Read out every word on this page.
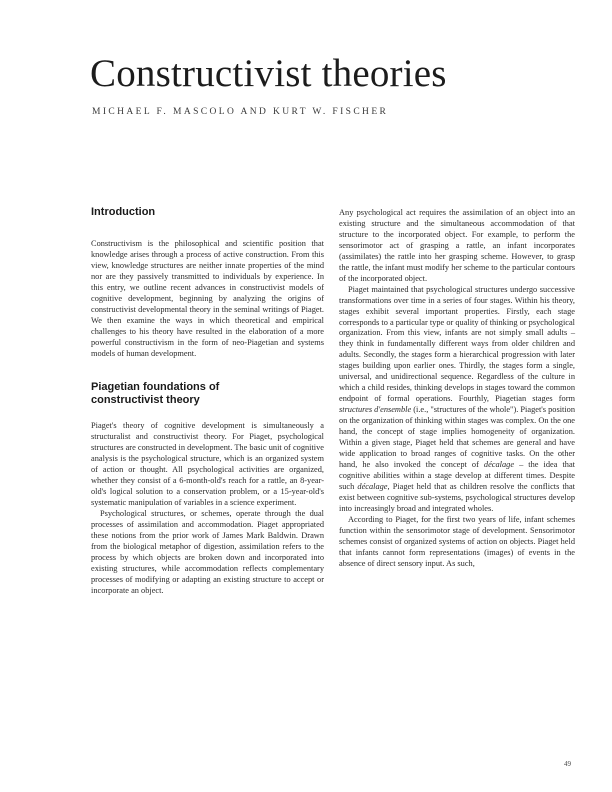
Constructivist theories
MICHAEL F. MASCOLO AND KURT W. FISCHER
Introduction

Constructivism is the philosophical and scientific position that knowledge arises through a process of active construction. From this view, knowledge structures are neither innate properties of the mind nor are they passively transmitted to individuals by experience. In this entry, we outline recent advances in constructivist models of cognitive development, beginning by analyzing the origins of constructivist developmental theory in the seminal writings of Piaget. We then examine the ways in which theoretical and empirical challenges to his theory have resulted in the elaboration of a more powerful constructivism in the form of neo-Piagetian and systems models of human development.

Piagetian foundations of
constructivist theory

Piaget's theory of cognitive development is simultaneously a structuralist and constructivist theory. For Piaget, psychological structures are constructed in development. The basic unit of cognitive analysis is the psychological structure, which is an organized system of action or thought. All psychological activities are organized, whether they consist of a 6-month-old's reach for a rattle, an 8-year-old's logical solution to a conservation problem, or a 15-year-old's systematic manipulation of variables in a science experiment.

Psychological structures, or schemes, operate through the dual processes of assimilation and accommodation. Piaget appropriated these notions from the prior work of James Mark Baldwin. Drawn from the biological metaphor of digestion, assimilation refers to the process by which objects are broken down and incorporated into existing structures, while accommodation reflects complementary processes of modifying or adapting an existing structure to accept or incorporate an object.

Any psychological act requires the assimilation of an object into an existing structure and the simultaneous accommodation of that structure to the incorporated object. For example, to perform the sensorimotor act of grasping a rattle, an infant incorporates (assimilates) the rattle into her grasping scheme. However, to grasp the rattle, the infant must modify her scheme to the particular contours of the incorporated object.

Piaget maintained that psychological structures undergo successive transformations over time in a series of four stages. Within his theory, stages exhibit several important properties. Firstly, each stage corresponds to a particular type or quality of thinking or psychological organization. From this view, infants are not simply small adults – they think in fundamentally different ways from older children and adults. Secondly, the stages form a hierarchical progression with later stages building upon earlier ones. Thirdly, the stages form a single, universal, and unidirectional sequence. Regardless of the culture in which a child resides, thinking develops in stages toward the common endpoint of formal operations. Fourthly, Piagetian stages form structures d'ensemble (i.e., "structures of the whole"). Piaget's position on the organization of thinking within stages was complex. On the one hand, the concept of stage implies homogeneity of organization. Within a given stage, Piaget held that schemes are general and have wide application to broad ranges of cognitive tasks. On the other hand, he also invoked the concept of décalage – the idea that cognitive abilities within a stage develop at different times. Despite such décalage, Piaget held that as children resolve the conflicts that exist between cognitive sub-systems, psychological structures develop into increasingly broad and integrated wholes.

According to Piaget, for the first two years of life, infant schemes function within the sensorimotor stage of development. Sensorimotor schemes consist of organized systems of action on objects. Piaget held that infants cannot form representations (images) of events in the absence of direct sensory input. As such,

49
